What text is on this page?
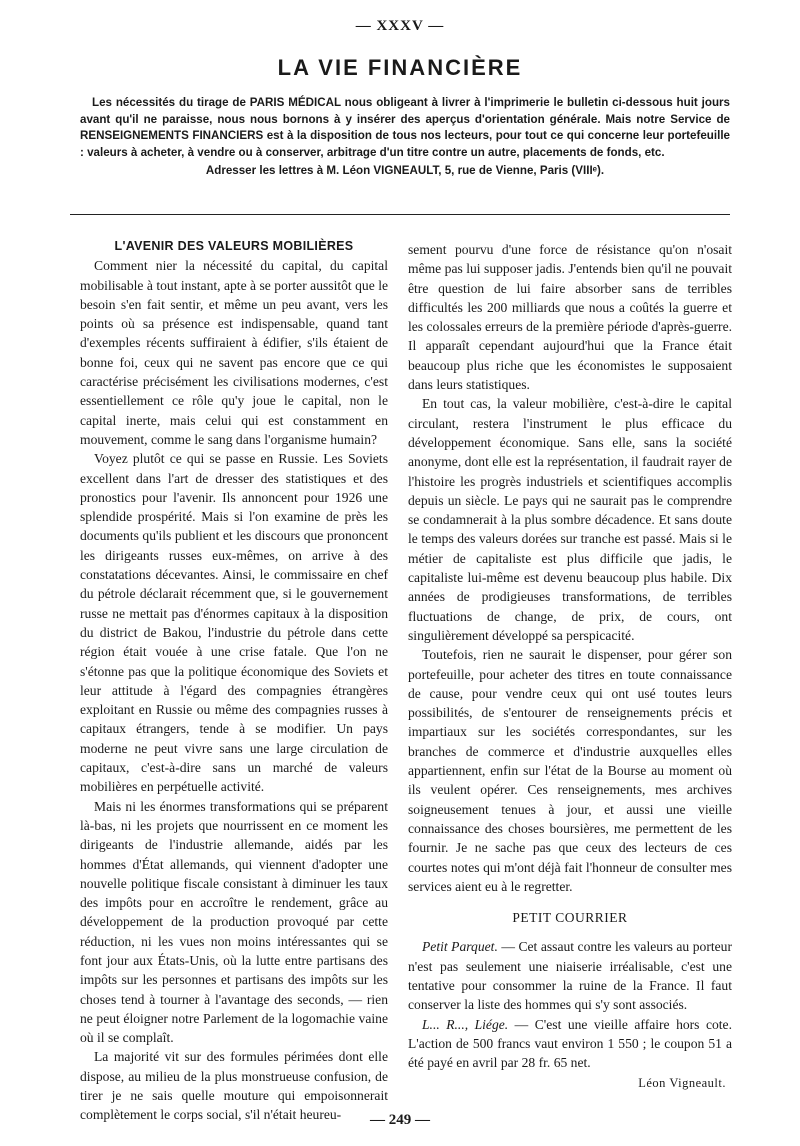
— XXXV —
LA VIE FINANCIÈRE

Les nécessités du tirage de PARIS MÉDICAL nous obligeant à livrer à l'imprimerie le bulletin ci-dessous huit jours avant qu'il ne paraisse, nous nous bornons à y insérer des aperçus d'orientation générale. Mais notre Service de RENSEIGNEMENTS FINANCIERS est à la disposition de tous nos lecteurs, pour tout ce qui concerne leur portefeuille : valeurs à acheter, à vendre ou à conserver, arbitrage d'un titre contre un autre, placements de fonds, etc.

Adresser les lettres à M. Léon VIGNEAULT, 5, rue de Vienne, Paris (VIIIᵉ).

L'AVENIR DES VALEURS MOBILIÈRES

Comment nier la nécessité du capital, du capital mobilisable à tout instant, apte à se porter aussitôt que le besoin s'en fait sentir, et même un peu avant, vers les points où sa présence est indispensable, quand tant d'exemples récents suffiraient à édifier, s'ils étaient de bonne foi, ceux qui ne savent pas encore que ce qui caractérise précisément les civilisations modernes, c'est essentiellement ce rôle qu'y joue le capital, non le capital inerte, mais celui qui est constamment en mouvement, comme le sang dans l'organisme humain?

Voyez plutôt ce qui se passe en Russie. Les Soviets excellent dans l'art de dresser des statistiques et des pronostics pour l'avenir. Ils annoncent pour 1926 une splendide prospérité. Mais si l'on examine de près les documents qu'ils publient et les discours que prononcent les dirigeants russes eux-mêmes, on arrive à des constatations décevantes. Ainsi, le commissaire en chef du pétrole déclarait récemment que, si le gouvernement russe ne mettait pas d'énormes capitaux à la disposition du district de Bakou, l'industrie du pétrole dans cette région était vouée à une crise fatale. Que l'on ne s'étonne pas que la politique économique des Soviets et leur attitude à l'égard des compagnies étrangères exploitant en Russie ou même des compagnies russes à capitaux étrangers, tende à se modifier. Un pays moderne ne peut vivre sans une large circulation de capitaux, c'est-à-dire sans un marché de valeurs mobilières en perpétuelle activité.

Mais ni les énormes transformations qui se préparent là-bas, ni les projets que nourrissent en ce moment les dirigeants de l'industrie allemande, aidés par les hommes d'État allemands, qui viennent d'adopter une nouvelle politique fiscale consistant à diminuer les taux des impôts pour en accroître le rendement, grâce au développement de la production provoqué par cette réduction, ni les vues non moins intéressantes qui se font jour aux États-Unis, où la lutte entre partisans des impôts sur les personnes et partisans des impôts sur les choses tend à tourner à l'avantage des seconds, — rien ne peut éloigner notre Parlement de la logomachie vaine où il se complaît.

La majorité vit sur des formules périmées dont elle dispose, au milieu de la plus monstrueuse confusion, de tirer je ne sais quelle mouture qui empoisonnerait complètement le corps social, s'il n'était heureu-

sement pourvu d'une force de résistance qu'on n'osait même pas lui supposer jadis. J'entends bien qu'il ne pouvait être question de lui faire absorber sans de terribles difficultés les 200 milliards que nous a coûtés la guerre et les colossales erreurs de la première période d'après-guerre. Il apparaît cependant aujourd'hui que la France était beaucoup plus riche que les économistes le supposaient dans leurs statistiques.

En tout cas, la valeur mobilière, c'est-à-dire le capital circulant, restera l'instrument le plus efficace du développement économique. Sans elle, sans la société anonyme, dont elle est la représentation, il faudrait rayer de l'histoire les progrès industriels et scientifiques accomplis depuis un siècle. Le pays qui ne saurait pas le comprendre se condamnerait à la plus sombre décadence. Et sans doute le temps des valeurs dorées sur tranche est passé. Mais si le métier de capitaliste est plus difficile que jadis, le capitaliste lui-même est devenu beaucoup plus habile. Dix années de prodigieuses transformations, de terribles fluctuations de change, de prix, de cours, ont singulièrement développé sa perspicacité.

Toutefois, rien ne saurait le dispenser, pour gérer son portefeuille, pour acheter des titres en toute connaissance de cause, pour vendre ceux qui ont usé toutes leurs possibilités, de s'entourer de renseignements précis et impartiaux sur les sociétés correspondantes, sur les branches de commerce et d'industrie auxquelles elles appartiennent, enfin sur l'état de la Bourse au moment où ils veulent opérer. Ces renseignements, mes archives soigneusement tenues à jour, et aussi une vieille connaissance des choses boursières, me permettent de les fournir. Je ne sache pas que ceux des lecteurs de ces courtes notes qui m'ont déjà fait l'honneur de consulter mes services aient eu à le regretter.

PETIT COURRIER

Petit Parquet. — Cet assaut contre les valeurs au porteur n'est pas seulement une niaiserie irréalisable, c'est une tentative pour consommer la ruine de la France. Il faut conserver la liste des hommes qui s'y sont associés.

L... R..., Liége. — C'est une vieille affaire hors cote. L'action de 500 francs vaut environ 1 550 ; le coupon 51 a été payé en avril par 28 fr. 65 net.

Léon Vigneault.
— 249 —
